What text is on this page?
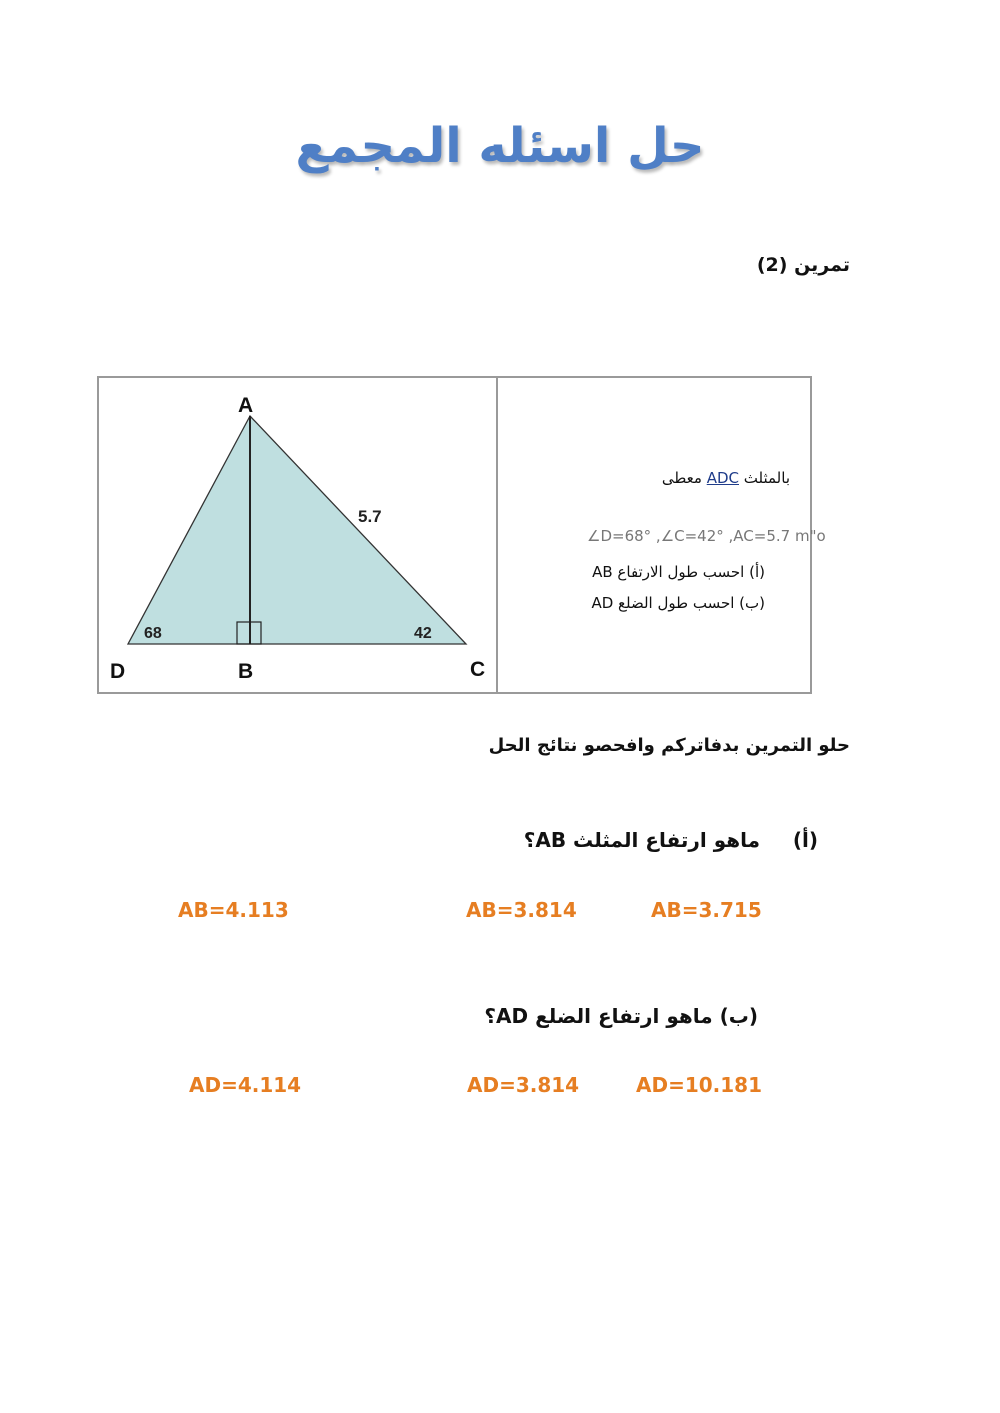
حل اسئله المجمع
تمرين (2)
A
D	B	C
5.7
68	42
بالمثلث ADC معطى
∠D=68° ,∠C=42° ,AC=5.7 m"o
(أ) احسب طول الارتفاع AB
(ب) احسب طول الضلع AD
حلو التمرين بدفاتركم وافحصو نتائج الحل
(أ)
ماهو ارتفاع المثلث AB؟
AB=3.715
AB=3.814
AB=4.113
(ب) ماهو ارتفاع الضلع AD؟
AD=10.181
AD=3.814
AD=4.114
